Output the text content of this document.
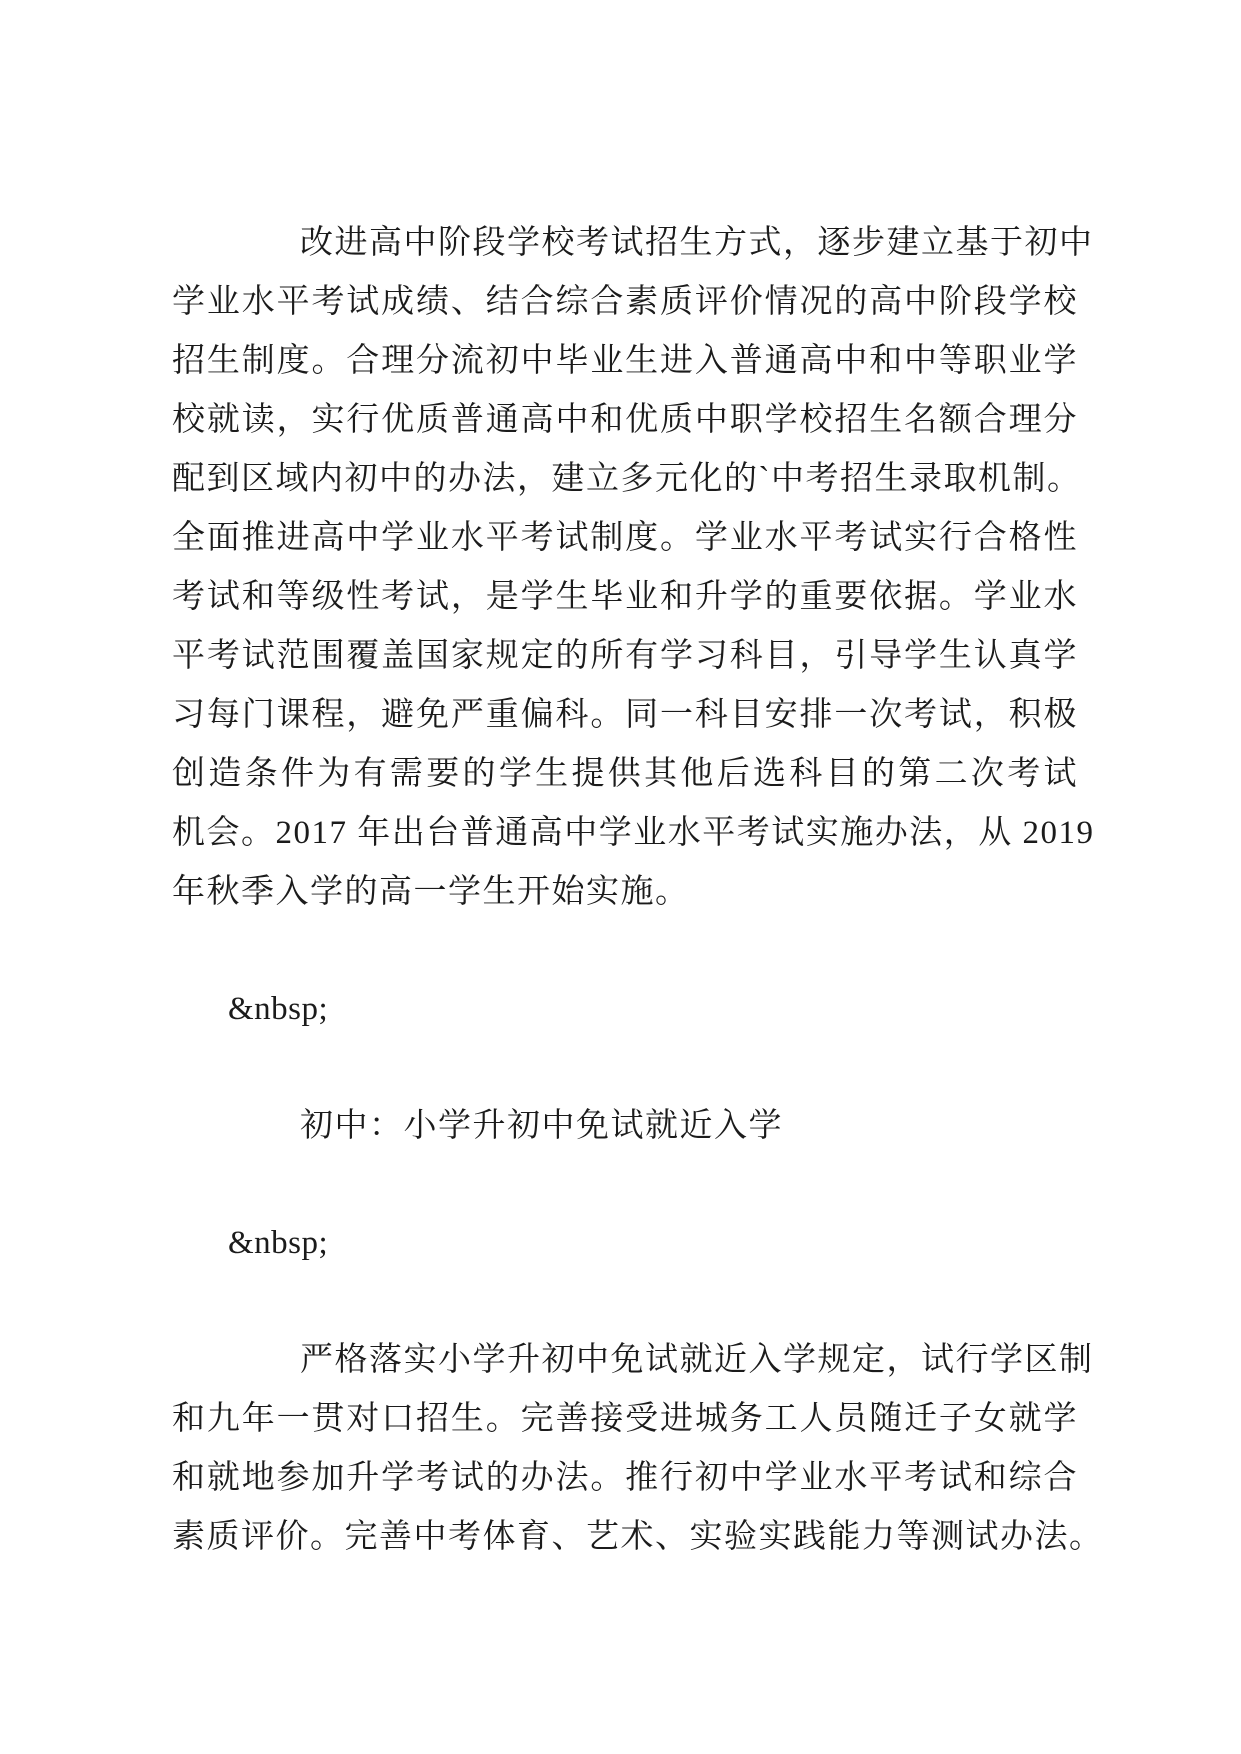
改进高中阶段学校考试招生方式，逐步建立基于初中
学业水平考试成绩、结合综合素质评价情况的高中阶段学校
招生制度。合理分流初中毕业生进入普通高中和中等职业学
校就读，实行优质普通高中和优质中职学校招生名额合理分
配到区域内初中的办法，建立多元化的`中考招生录取机制。
全面推进高中学业水平考试制度。学业水平考试实行合格性
考试和等级性考试，是学生毕业和升学的重要依据。学业水
平考试范围覆盖国家规定的所有学习科目，引导学生认真学
习每门课程，避免严重偏科。同一科目安排一次考试，积极
创造条件为有需要的学生提供其他后选科目的第二次考试
机会。2017 年出台普通高中学业水平考试实施办法，从 2019
年秋季入学的高一学生开始实施。
&nbsp;
初中：小学升初中免试就近入学
&nbsp;
严格落实小学升初中免试就近入学规定，试行学区制
和九年一贯对口招生。完善接受进城务工人员随迁子女就学
和就地参加升学考试的办法。推行初中学业水平考试和综合
素质评价。完善中考体育、艺术、实验实践能力等测试办法。
